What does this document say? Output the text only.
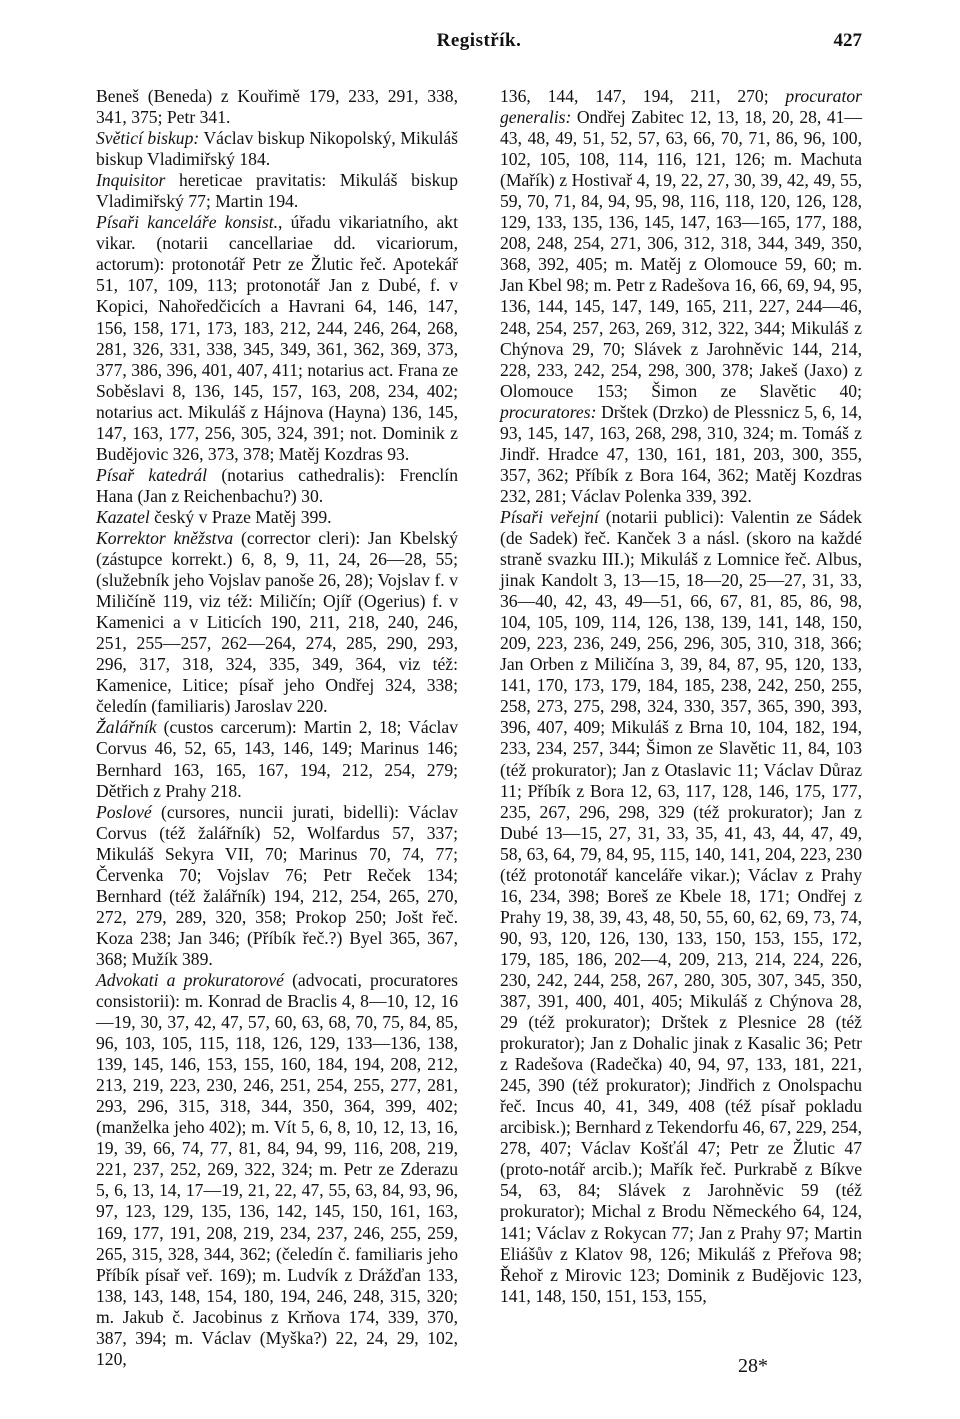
Registřík.	427

Beneš (Beneda) z Kouřimě 179, 233, 291, 338, 341, 375; Petr 341.

Světicí biskup: Václav biskup Nikopolský, Mikuláš biskup Vladimiřský 184.

Inquisitor hereticae pravitatis: Mikuláš biskup Vladimiřský 77; Martin 194.

Písaři kanceláře konsist., úřadu vikariatního, akt vikar. (notarii cancellariae dd. vicariorum, actorum): protonotář Petr ze Žlutic řeč. Apotekář 51, 107, 109, 113; protonotář Jan z Dubé, f. v Kopici, Nahoředčicích a Havrani 64, 146, 147, 156, 158, 171, 173, 183, 212, 244, 246, 264, 268, 281, 326, 331, 338, 345, 349, 361, 362, 369, 373, 377, 386, 396, 401, 407, 411; notarius act. Frana ze Soběslavi 8, 136, 145, 157, 163, 208, 234, 402; notarius act. Mikuláš z Hájnova (Hayna) 136, 145, 147, 163, 177, 256, 305, 324, 391; not. Dominik z Budějovic 326, 373, 378; Matěj Kozdras 93.

Písař katedrál (notarius cathedralis): Frenclín Hana (Jan z Reichenbachu?) 30.

Kazatel český v Praze Matěj 399.

Korrektor kněžstva (corrector cleri): Jan Kbelský (zástupce korrekt.) 6, 8, 9, 11, 24, 26—28, 55; (služebník jeho Vojslav panoše 26, 28); Vojslav f. v Miličíně 119, viz též: Miličín; Ojíř (Ogerius) f. v Kamenici a v Liticích 190, 211, 218, 240, 246, 251, 255—257, 262—264, 274, 285, 290, 293, 296, 317, 318, 324, 335, 349, 364, viz též: Kamenice, Litice; písař jeho Ondřej 324, 338; čeledín (familiaris) Jaroslav 220.

Žalářník (custos carcerum): Martin 2, 18; Václav Corvus 46, 52, 65, 143, 146, 149; Marinus 146; Bernhard 163, 165, 167, 194, 212, 254, 279; Dětřich z Prahy 218.

Poslové (cursores, nuncii jurati, bidelli): Václav Corvus (též žalářník) 52, Wolfardus 57, 337; Mikuláš Sekyra VII, 70; Marinus 70, 74, 77; Červenka 70; Vojslav 76; Petr Reček 134; Bernhard (též žalářník) 194, 212, 254, 265, 270, 272, 279, 289, 320, 358; Prokop 250; Jošt řeč. Koza 238; Jan 346; (Příbík řeč.?) Byel 365, 367, 368; Mužík 389.

Advokati a prokuratorové (advocati, procuratores consistorii): m. Konrad de Braclis 4, 8—10, 12, 16—19, 30, 37, 42, 47, 57, 60, 63, 68, 70, 75, 84, 85, 96, 103, 105, 115, 118, 126, 129, 133—136, 138, 139, 145, 146, 153, 155, 160, 184, 194, 208, 212, 213, 219, 223, 230, 246, 251, 254, 255, 277, 281, 293, 296, 315, 318, 344, 350, 364, 399, 402; (manželka jeho 402); m. Vít 5, 6, 8, 10, 12, 13, 16, 19, 39, 66, 74, 77, 81, 84, 94, 99, 116, 208, 219, 221, 237, 252, 269, 322, 324; m. Petr ze Zderazu 5, 6, 13, 14, 17—19, 21, 22, 47, 55, 63, 84, 93, 96, 97, 123, 129, 135, 136, 142, 145, 150, 161, 163, 169, 177, 191, 208, 219, 234, 237, 246, 255, 259, 265, 315, 328, 344, 362; (čeledín č. familiaris jeho Příbík písař veř. 169); m. Ludvík z Drážďan 133, 138, 143, 148, 154, 180, 194, 246, 248, 315, 320; m. Jakub č. Jacobinus z Krňova 174, 339, 370, 387, 394; m. Václav (Myška?) 22, 24, 29, 102, 120,

136, 144, 147, 194, 211, 270; procurator generalis: Ondřej Zabitec 12, 13, 18, 20, 28, 41—43, 48, 49, 51, 52, 57, 63, 66, 70, 71, 86, 96, 100, 102, 105, 108, 114, 116, 121, 126; m. Machuta (Mařík) z Hostivař 4, 19, 22, 27, 30, 39, 42, 49, 55, 59, 70, 71, 84, 94, 95, 98, 116, 118, 120, 126, 128, 129, 133, 135, 136, 145, 147, 163—165, 177, 188, 208, 248, 254, 271, 306, 312, 318, 344, 349, 350, 368, 392, 405; m. Matěj z Olomouce 59, 60; m. Jan Kbel 98; m. Petr z Radešova 16, 66, 69, 94, 95, 136, 144, 145, 147, 149, 165, 211, 227, 244—46, 248, 254, 257, 263, 269, 312, 322, 344; Mikuláš z Chýnova 29, 70; Slávek z Jarohněvic 144, 214, 228, 233, 242, 254, 298, 300, 378; Jakeš (Jaxo) z Olomouce 153; Šimon ze Slavětic 40; procuratores: Drštek (Drzko) de Plessnicz 5, 6, 14, 93, 145, 147, 163, 268, 298, 310, 324; m. Tomáš z Jindř. Hradce 47, 130, 161, 181, 203, 300, 355, 357, 362; Příbík z Bora 164, 362; Matěj Kozdras 232, 281; Václav Polenka 339, 392.

Písaři veřejní (notarii publici): Valentin ze Sádek (de Sadek) řeč. Kanček 3 a násl. (skoro na každé straně svazku III.); Mikuláš z Lomnice řeč. Albus, jinak Kandolt 3, 13—15, 18—20, 25—27, 31, 33, 36—40, 42, 43, 49—51, 66, 67, 81, 85, 86, 98, 104, 105, 109, 114, 126, 138, 139, 141, 148, 150, 209, 223, 236, 249, 256, 296, 305, 310, 318, 366; Jan Orben z Miličína 3, 39, 84, 87, 95, 120, 133, 141, 170, 173, 179, 184, 185, 238, 242, 250, 255, 258, 273, 275, 298, 324, 330, 357, 365, 390, 393, 396, 407, 409; Mikuláš z Brna 10, 104, 182, 194, 233, 234, 257, 344; Šimon ze Slavětic 11, 84, 103 (též prokurator); Jan z Otaslavic 11; Václav Důraz 11; Příbík z Bora 12, 63, 117, 128, 146, 175, 177, 235, 267, 296, 298, 329 (též prokurator); Jan z Dubé 13—15, 27, 31, 33, 35, 41, 43, 44, 47, 49, 58, 63, 64, 79, 84, 95, 115, 140, 141, 204, 223, 230 (též protonotář kanceláře vikar.); Václav z Prahy 16, 234, 398; Boreš ze Kbele 18, 171; Ondřej z Prahy 19, 38, 39, 43, 48, 50, 55, 60, 62, 69, 73, 74, 90, 93, 120, 126, 130, 133, 150, 153, 155, 172, 179, 185, 186, 202—4, 209, 213, 214, 224, 226, 230, 242, 244, 258, 267, 280, 305, 307, 345, 350, 387, 391, 400, 401, 405; Mikuláš z Chýnova 28, 29 (též prokurator); Drštek z Plesnice 28 (též prokurator); Jan z Dohalic jinak z Kasalic 36; Petr z Radešova (Radečka) 40, 94, 97, 133, 181, 221, 245, 390 (též prokurator); Jindřich z Onolspachu řeč. Incus 40, 41, 349, 408 (též písař pokladu arcibisk.); Bernhard z Tekendorfu 46, 67, 229, 254, 278, 407; Václav Košťál 47; Petr ze Žlutic 47 (proto-notář arcib.); Mařík řeč. Purkrabě z Bíkve 54, 63, 84; Slávek z Jarohněvic 59 (též prokurator); Michal z Brodu Německého 64, 124, 141; Václav z Rokycan 77; Jan z Prahy 97; Martin Eliášův z Klatov 98, 126; Mikuláš z Přeřova 98; Řehoř z Mirovic 123; Dominik z Budějovic 123, 141, 148, 150, 151, 153, 155,

28*
